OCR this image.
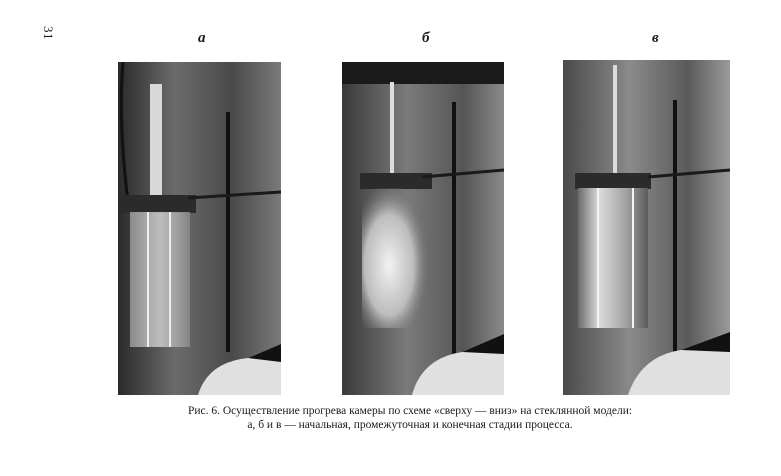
31	а	б	в
Рис. 6. Осуществление прогрева камеры по схеме «сверху — вниз» на стеклянной модели:
а, б и в — начальная, промежуточная и конечная стадии процесса.
